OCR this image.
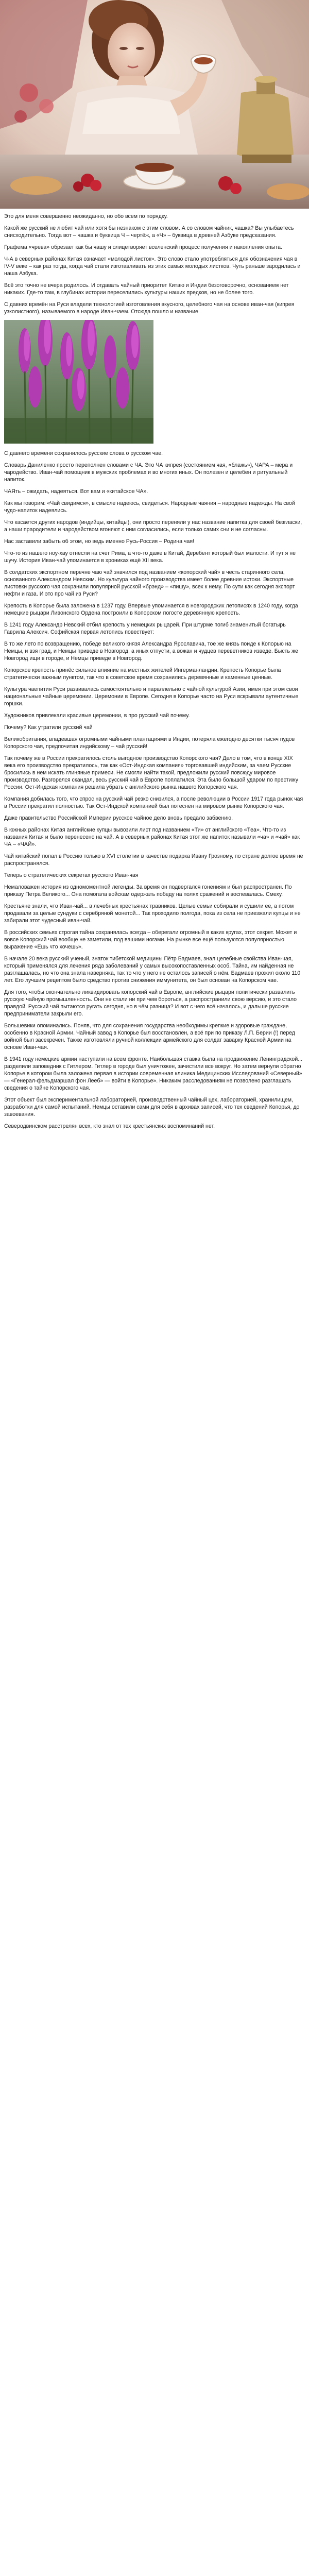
Это для меня совершенно неожиданно, но обо всем по порядку.

Какой же русский не любит чай или хотя бы незнаком с этим словом. А со словом чайник, чашка? Вы улыбаетесь снисходительно. Тогда вот – чашка и буквица Ч – чертёж, а «Ч» – буквица в древней Азбуке предсказания.

Графема «чрева» обрезает как бы чашу и олицетворяет вселенский процесс получения и накопления опыта.

Ч-А в северных районах Китая означает «молодой листок». Это слово стало употребляться для обозначения чая в IV-V веке – как раз тогда, когда чай стали изготавливать из этих самых молодых листков. Чуть раньше зародилась и наша Азбука.

Всё это точно не вчера родилось. И отдавать чайный приоритет Китаю и Индии безоговорочно, основанием нет никаких. Где-то там, в глубинах истории переселились культуры наших предков, но не более того.

С давних времён на Руси владели технологией изготовления вкусного, целебного чая на основе иван-чая (кипрея узколистного), называемого в народе Иван-чаем. Отсюда пошло и название

С давнего времени сохранилось русские слова о русском чае.

Словарь Даниленко просто переполнен словами с ЧА. Это ЧА кипрея (состоянием чая, «блажь»), ЧАРА – мера и чародейство. Иван-чай помощник в мужских проблемах и во многих иных. Он полезен и целебен и ритуальный напиток.

ЧАЯть – ожидать, надеяться. Вот вам и «китайское ЧА».

Как мы говорим: «Чай свидимся», в смысле надеюсь, свидеться. Народные чаяния – народные надежды. На свой чудо-напиток надеялись.

Что касается других народов (индийцы, китайцы), они просто переняли у нас название напитка для своей безгласки, а наши прародители и чародейством вгоняют с ним согласились, если только самих сни и не согласны.

Нас заставили забыть об этом, но ведь именно Русь-Россия – Родина чая!

Что-то из нашего ноу-хау отнесли на счет Рима, а что-то даже в Китай, Деребент который был малости. И тут я не шучу. История Иван-чай упоминается в хрониках ещё XII века.

В солдатских экспортном перечне чаю чай значился под названием «копорский чай» в честь старинного села, основанного Александром Невским. Но культура чайного производства имеет более древние истоки. Экспортные листовки русского чая сохранили популярной русской «брэнд» – «пишу», всех к нему. По сути как сегодня экспорт нефти и газа. И это про чай из Руси?

Крепость в Копорье была заложена в 1237 году. Впервые упоминается в новгородских летописях в 1240 году, когда немецкие рыцари Ливонского Ордена построили в Копорском погосте деревянную крепость.

В 1241 году Александр Невский отбил крепость у немецких рыцарей. При штурме погиб знаменитый богатырь Гаврила Алексич. Софийская первая летопись повествует:

В то же лето по возвращению, победе великого князя Александра Ярославича, тое же князь поиде к Копорью на Немцы, и взя град, и Немцы приведе в Новгород, а иных отпусти, а вожан и чудцев переветников изведе. Бысть же Новгород ищи в городе, и Немцы приведе в Новгород.

Копорское крепость принёс сильное влияние на местных жителей Ингерманландии. Крепость Копорье была стратегически важным пунктом, так что в советское время сохранились деревянные и каменные ценные.

Культура чаепития Руси развивалась самостоятельно и параллельно с чайной культурой Азии, имея при этом свои национальные чайные церемонии. Церемонии в Европе. Сегодня в Копорье часто на Руси вскрывали аутентичные горшки.

Художников привлекали красивые церемонии, в про русский чай почему.

Почему? Как утратили русский чай

Великобритания, владевшая огромными чайными плантациями в Индии, потеряла ежегодно десятки тысяч пудов Копорского чая, предпочитая индийскому – чай русский!

Так почему же в России прекратилось столь выгодное производство Копорского чая? Дело в том, что в конце XIX века его производство прекратилось, так как «Ост-Индская компания» торговавшей индийским, за чаем Русские бросились в нем искать глиняные примеси. Не смогли найти такой, предложили русский повсюду мировое производство. Разгорелся скандал, весь русский чай в Европе поплатился. Эта было большой ударом по престижу России. Ост-Индская компания решила убрать с английского рынка нашего Копорского чая.

Компания добилась того, что спрос на русский чай резко снизился, а после революции в России 1917 года рынок чая в России прекратил полностью. Так Ост-Индской компанией был потеснен на мировом рынке Копорского чая.

Даже правительство Российской Империи русское чайное дело вновь предало забвению.

В южных районах Китая английские купцы вывозили лист под названием «Ти» от английского «Тea». Что-то из названия Китая и было перенесено на чай. А в северных районах Китая этот же напиток называли «ча» и «чай» как ЧА – «ЧАЙ».

Чай китайский попал в Россию только в XVI столетии в качестве подарка Ивану Грозному, по стране долгое время не распространялся.

Теперь о стратегических секретах русского Иван-чая

Немаловажен история из одномоментной легенды. За время он подвергался гонениям и был распространен. По приказу Петра Великого... Она помогала войскам одержать победу на полях сражений и воспевалась. Смеху.

Крестьяне знали, что Иван-чай... в лечебных крестьянах травников. Целые семьи собирали и сушили ее, а потом продавали за целые сундуки с серебряной монетой... Так проходило полгода, пока из села не приезжали купцы и не забирали этот чудесный иван-чай.

В российских семьях строгая тайна сохранялась всегда – оберегали огромный в каких кругах, этот секрет. Может и вовсе Копорский чай вообще не заметили, под вашими ногами. На рынке все ещё пользуются популярностью выражение «Ешь что хочешь».

В начале 20 века русский учёный, знаток тибетской медицины Пётр Бадмаев, знал целебные свойства Иван-чая, который применялся для лечения ряда заболеваний у самых высокопоставленных особ. Тайна, им найденная не разглашалась, но что она знала наверняка, так то что у него не осталось записей о нём. Бадмаев прожил около 110 лет. Его лучшим рецептом было средство против снижения иммунитета, он был основан на Копорском чае.

Для того, чтобы окончательно ликвидировать копорский чай в Европе, английские рыцари политически развалить русскую чайную промышленность. Они не стали ни при чем бороться, а распространили свою версию, и это стало правдой. Русский чай пытаются ругать сегодня, но в чём разница? И вот с чего всё началось, и дальше русские предприниматели закрыли его.

Большевики опоминались. Поняв, что для сохранения государства необходимы крепкие и здоровые граждане, особенно в Красной Армии. Чайный завод в Копорье был восстановлен, а всё при по приказу Л.П. Берии (!) перед войной был засекречен. Также изготовляли ручной коллекции армейского для солдат заварку Красной Армии на основе Иван-чая.

В 1941 году немецкие армии наступали на всем фронте. Наибольшая ставка была на продвижение Ленинградской... разделили заповедник с Гитлером. Гитлер в городе был уничтожен, зачистили все вокруг. Но затем вернули обратно Копорье в котором была заложена первая в истории современная клиника Медицинских Исследований «Северный» — «Генерал-фельдмаршал фон Лееб» — войти в Копорье». Никаким расследованиям не позволено разглашать сведения о тайне Копорского чая.

Этот объект был экспериментальной лабораторией, производственный чайный цех, лабораторией, хранилищем, разработки для самой испытаний. Немцы оставили сами для себя в архивах записей, что тех сведений Копорья, до завоевания.

Северодвинском расстрелян всех, кто знал от тех крестьянских воспоминаний нет.
